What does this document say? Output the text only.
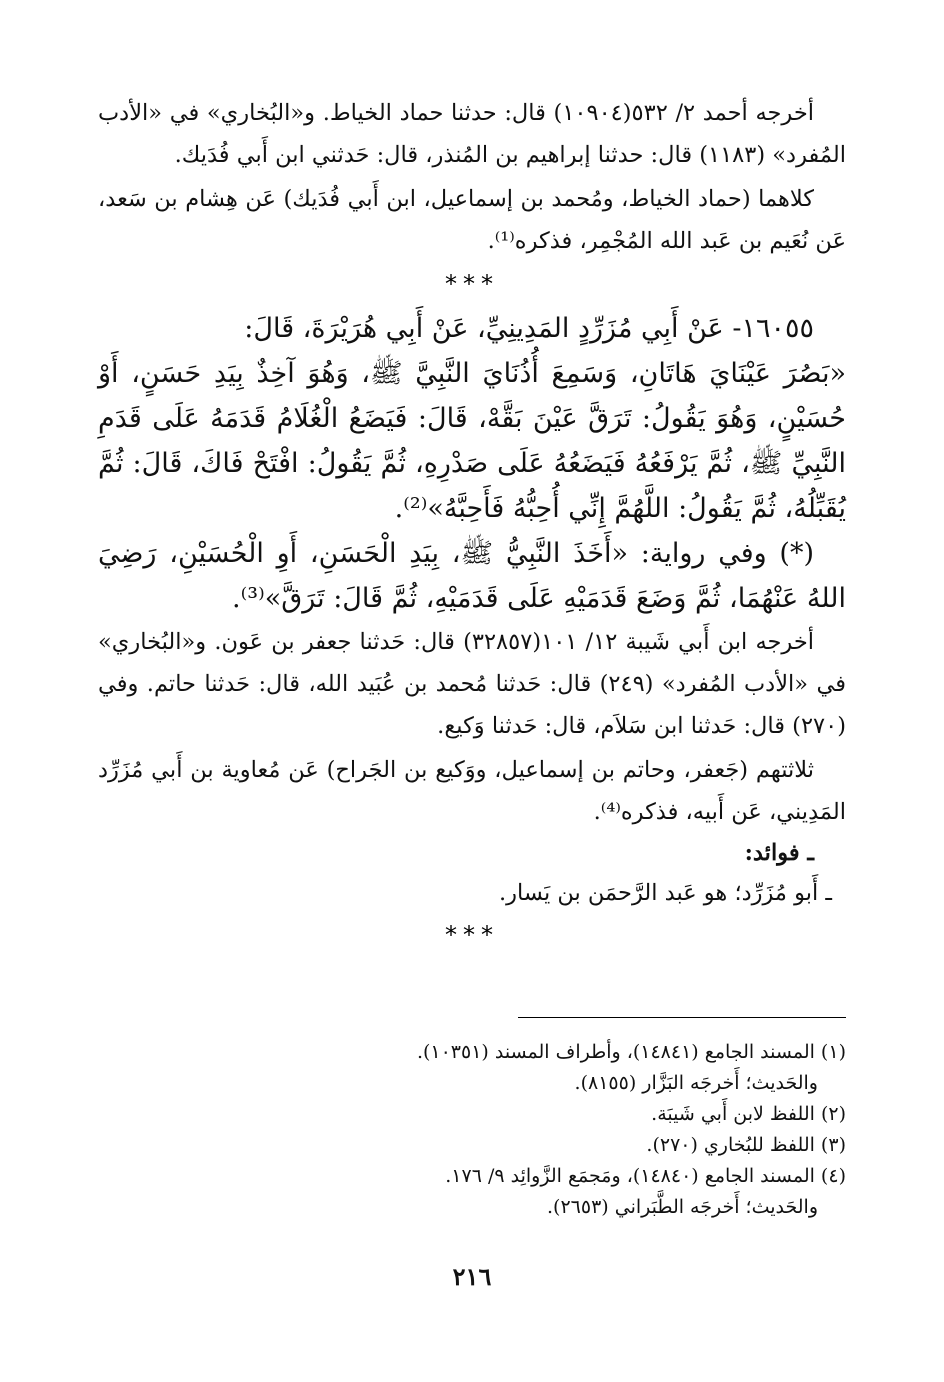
أخرجه أحمد ٢/ ٥٣٢(١٠٩٠٤) قال: حدثنا حماد الخياط. و«البُخاري» في «الأدب المُفرد» (١١٨٣) قال: حدثنا إبراهيم بن المُنذر، قال: حَدثني ابن أَبي فُدَيك.

كلاهما (حماد الخياط، ومُحمد بن إسماعيل، ابن أَبي فُدَيك) عَن هِشام بن سَعد، عَن نُعَيم بن عَبد الله المُجْمِر، فذكره⁽¹⁾.

***

١٦٠٥٥- عَنْ أَبِي مُزَرِّدٍ المَدِينِيِّ، عَنْ أَبِي هُرَيْرَةَ، قَالَ:

«بَصُرَ عَيْنَايَ هَاتَانِ، وَسَمِعَ أُذُنَايَ النَّبِيَّ ﷺ، وَهُوَ آخِذٌ بِيَدِ حَسَنٍ، أَوْ حُسَيْنٍ، وَهُوَ يَقُولُ: تَرَقَّ عَيْنَ بَقَّهْ، قَالَ: فَيَضَعُ الْغُلَامُ قَدَمَهُ عَلَى قَدَمِ النَّبِيِّ ﷺ، ثُمَّ يَرْفَعُهُ فَيَضَعُهُ عَلَى صَدْرِهِ، ثُمَّ يَقُولُ: افْتَحْ فَاكَ، قَالَ: ثُمَّ يُقَبِّلُهُ، ثُمَّ يَقُولُ: اللَّهُمَّ إِنِّي أُحِبُّهُ فَأَحِبَّهُ»⁽²⁾.

(*) وفي رواية: «أَخَذَ النَّبِيُّ ﷺ، بِيَدِ الْحَسَنِ، أَوِ الْحُسَيْنِ، رَضِيَ اللهُ عَنْهُمَا، ثُمَّ وَضَعَ قَدَمَيْهِ عَلَى قَدَمَيْهِ، ثُمَّ قَالَ: تَرَقَّ»⁽³⁾.

أخرجه ابن أَبي شَيبة ١٢/ ١٠١(٣٢٨٥٧) قال: حَدثنا جعفر بن عَون. و«البُخاري» في «الأدب المُفرد» (٢٤٩) قال: حَدثنا مُحمد بن عُبَيد الله، قال: حَدثنا حاتم. وفي (٢٧٠) قال: حَدثنا ابن سَلاَم، قال: حَدثنا وَكيع.

ثلاثتهم (جَعفر، وحاتم بن إسماعيل، ووَكيع بن الجَراح) عَن مُعاوية بن أَبي مُزَرِّد المَدِيني، عَن أَبيه، فذكره⁽⁴⁾.

ـ فوائد:

ـ أَبو مُزَرِّد؛ هو عَبد الرَّحمَن بن يَسار.

***

(١) المسند الجامع (١٤٨٤١)، وأطراف المسند (١٠٣٥١).

والحَديث؛ أَخرجَه البَزَّار (٨١٥٥).

(٢) اللفظ لابن أَبي شَيبَة.

(٣) اللفظ للبُخاري (٢٧٠).

(٤) المسند الجامع (١٤٨٤٠)، ومَجمَع الزَّوائِد ٩/ ١٧٦.

والحَديث؛ أَخرجَه الطَّبَراني (٢٦٥٣).

٢١٦
